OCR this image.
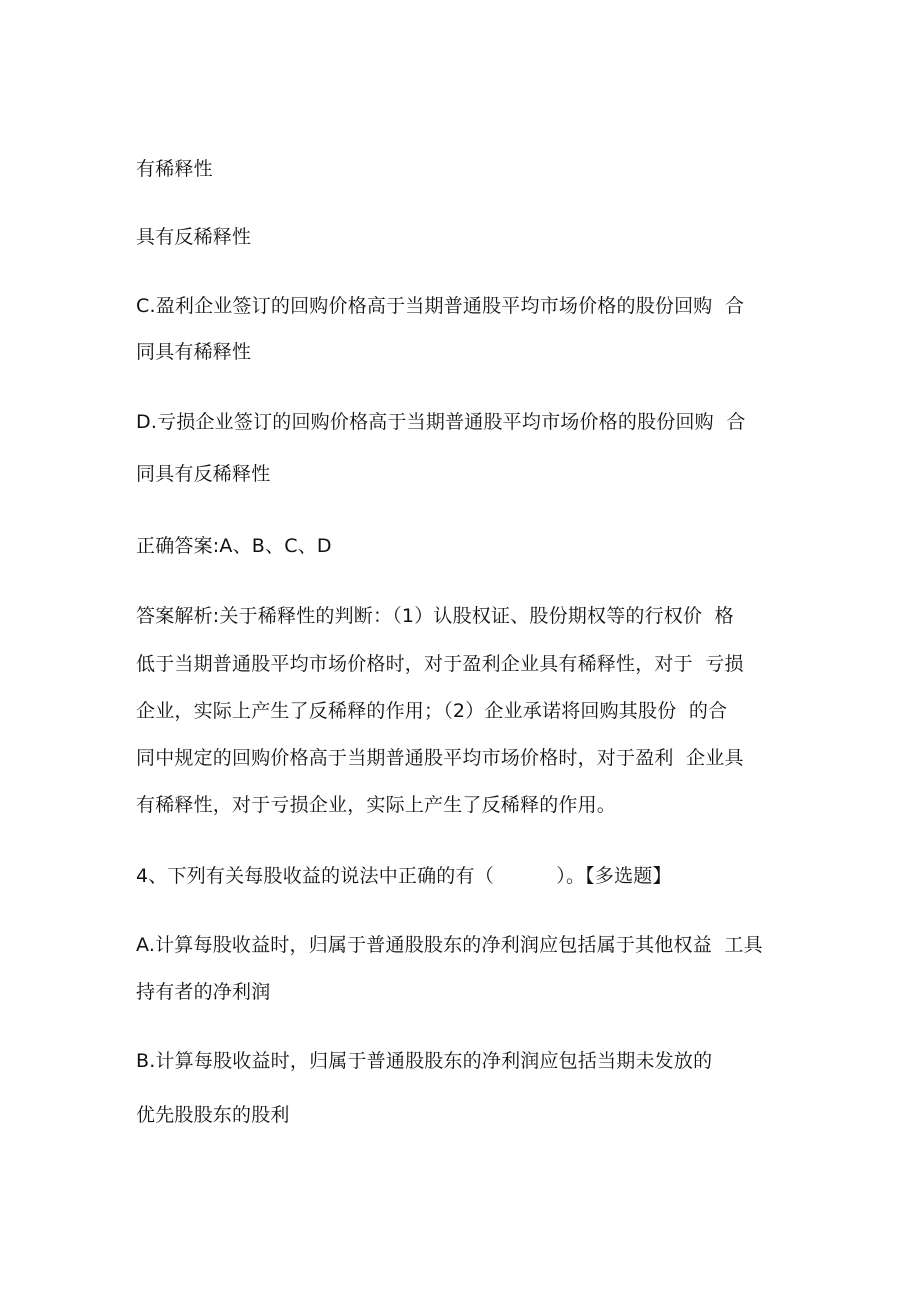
有稀释性
具有反稀释性
C.盈利企业签订的回购价格高于当期普通股平均市场价格的股份回购  合
同具有稀释性
D.亏损企业签订的回购价格高于当期普通股平均市场价格的股份回购  合
同具有反稀释性
正确答案:A、B、C、D
答案解析:关于稀释性的判断：（1）认股权证、股份期权等的行权价  格
低于当期普通股平均市场价格时，对于盈利企业具有稀释性，对于  亏损
企业，实际上产生了反稀释的作用；（2）企业承诺将回购其股份  的合
同中规定的回购价格高于当期普通股平均市场价格时，对于盈利  企业具
有稀释性，对于亏损企业，实际上产生了反稀释的作用。
4、下列有关每股收益的说法中正确的有（          ）。【多选题】
A.计算每股收益时，归属于普通股股东的净利润应包括属于其他权益  工具
持有者的净利润
B.计算每股收益时，归属于普通股股东的净利润应包括当期未发放的
优先股股东的股利
